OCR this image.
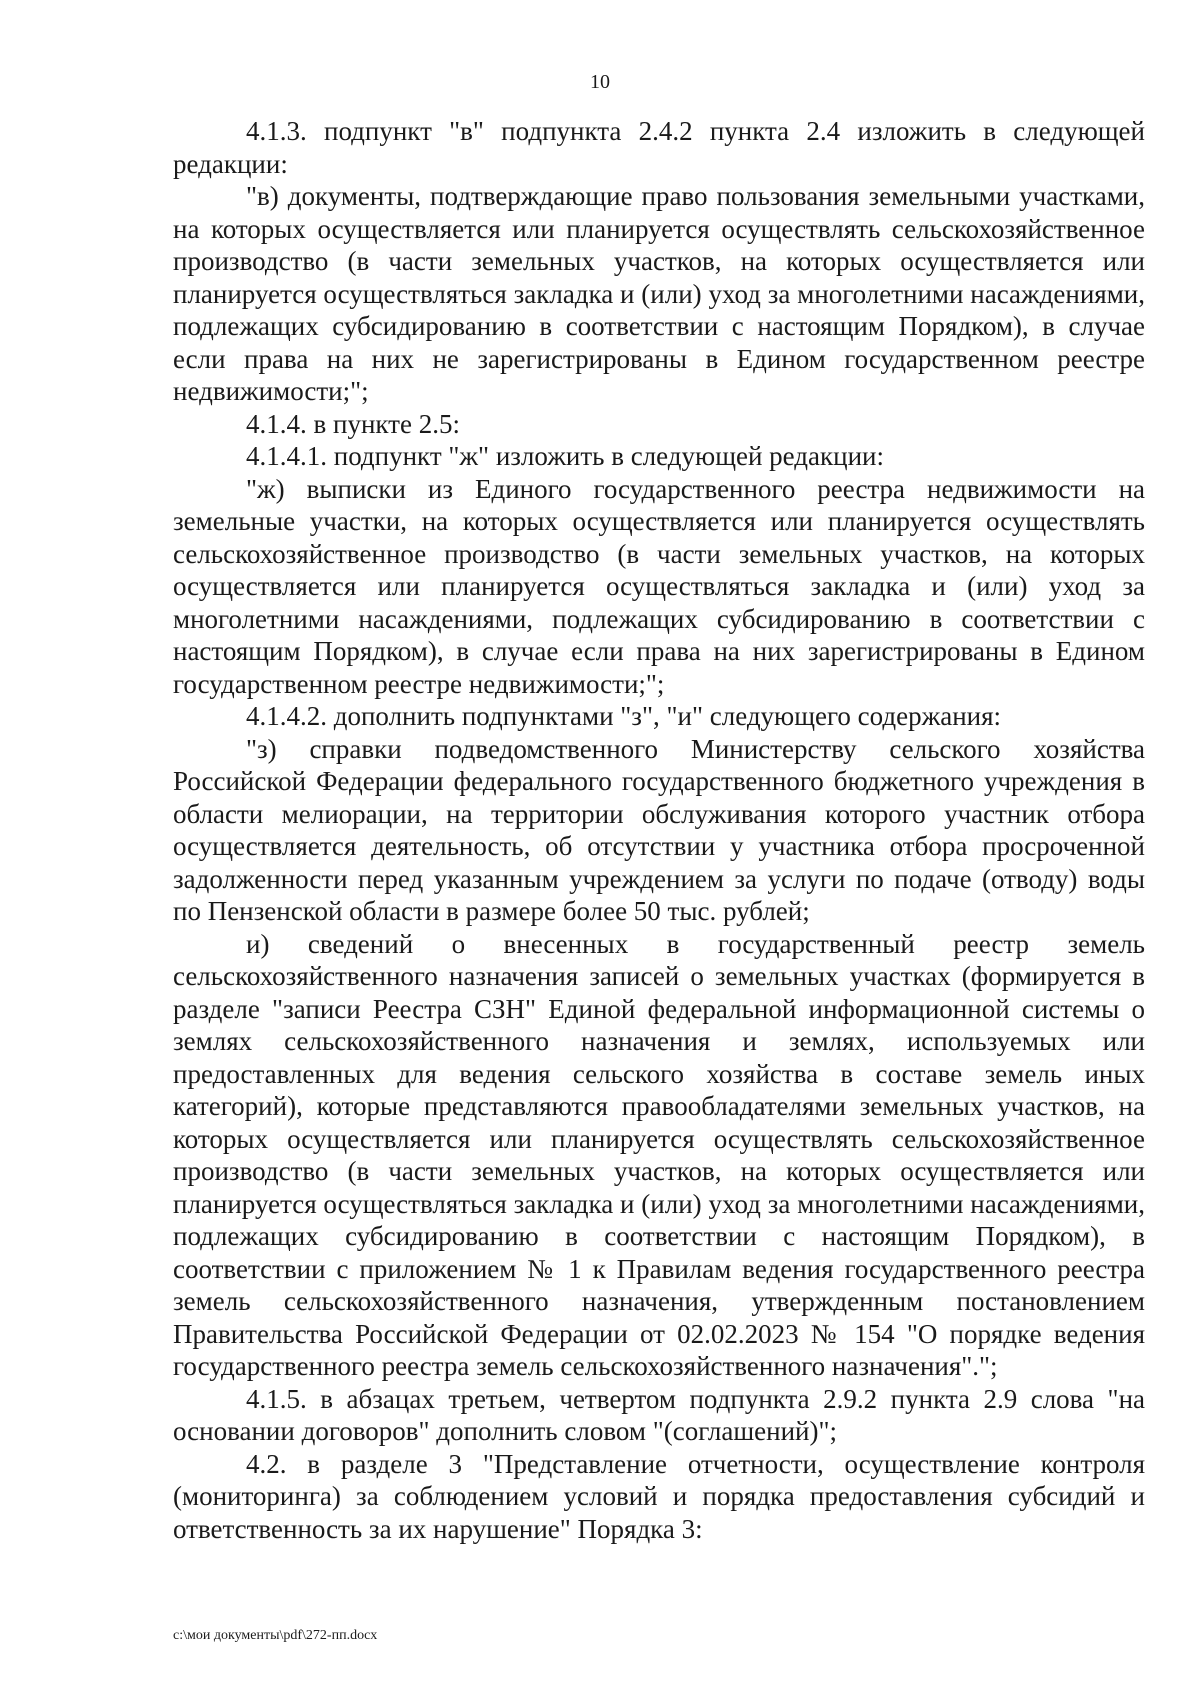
10

4.1.3. подпункт "в" подпункта 2.4.2 пункта 2.4 изложить в следующей редакции:

"в) документы, подтверждающие право пользования земельными участками, на которых осуществляется или планируется осуществлять сельскохозяйственное производство (в части земельных участков, на которых осуществляется или планируется осуществляться закладка и (или) уход за многолетними насаждениями, подлежащих субсидированию в соответствии с настоящим Порядком), в случае если права на них не зарегистрированы в Едином государственном реестре недвижимости;";

4.1.4. в пункте 2.5:

4.1.4.1. подпункт "ж" изложить в следующей редакции:

"ж) выписки из Единого государственного реестра недвижимости на земельные участки, на которых осуществляется или планируется осуществлять сельскохозяйственное производство (в части земельных участков, на которых осуществляется или планируется осуществляться закладка и (или) уход за многолетними насаждениями, подлежащих субсидированию в соответствии с настоящим Порядком), в случае если права на них зарегистрированы в Едином государственном реестре недвижимости;";

4.1.4.2. дополнить подпунктами "з", "и" следующего содержания:

"з) справки подведомственного Министерству сельского хозяйства Российской Федерации федерального государственного бюджетного учреждения в области мелиорации, на территории обслуживания которого участник отбора осуществляется деятельность, об отсутствии у участника отбора просроченной задолженности перед указанным учреждением за услуги по подаче (отводу) воды по Пензенской области в размере более 50 тыс. рублей;

и) сведений о внесенных в государственный реестр земель сельскохозяйственного назначения записей о земельных участках (формируется в разделе "записи Реестра СЗН" Единой федеральной информационной системы о землях сельскохозяйственного назначения и землях, используемых или предоставленных для ведения сельского хозяйства в составе земель иных категорий), которые представляются правообладателями земельных участков, на которых осуществляется или планируется осуществлять сельскохозяйственное производство (в части земельных участков, на которых осуществляется или планируется осуществляться закладка и (или) уход за многолетними насаждениями, подлежащих субсидированию в соответствии с настоящим Порядком), в соответствии с приложением № 1 к Правилам ведения государственного реестра земель сельскохозяйственного назначения, утвержденным постановлением Правительства Российской Федерации от 02.02.2023 № 154 "О порядке ведения государственного реестра земель сельскохозяйственного назначения".";

4.1.5. в абзацах третьем, четвертом подпункта 2.9.2 пункта 2.9 слова "на основании договоров" дополнить словом "(соглашений)";

4.2. в разделе 3 "Представление отчетности, осуществление контроля (мониторинга) за соблюдением условий и порядка предоставления субсидий и ответственность за их нарушение" Порядка 3:

c:\мои документы\pdf\272-пп.docx
